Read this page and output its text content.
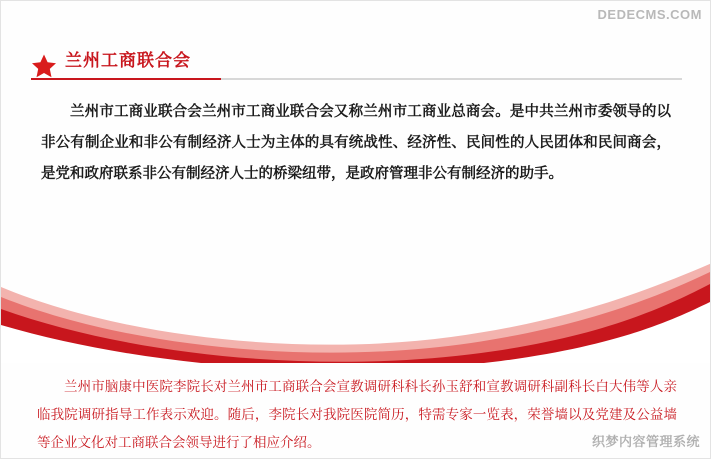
DEDECMS.COM
兰州工商联合会
兰州市工商业联合会兰州市工商业联合会又称兰州市工商业总商会。是中共兰州市委领导的以非公有制企业和非公有制经济人士为主体的具有统战性、经济性、民间性的人民团体和民间商会，是党和政府联系非公有制经济人士的桥梁纽带，是政府管理非公有制经济的助手。
兰州市脑康中医院李院长对兰州市工商联合会宣教调研科科长孙玉舒和宣教调研科副科长白大伟等人亲临我院调研指导工作表示欢迎。随后，李院长对我院医院简历，特需专家一览表，荣誉墙以及党建及公益墙等企业文化对工商联合会领导进行了相应介绍。	织梦内容管理系统
